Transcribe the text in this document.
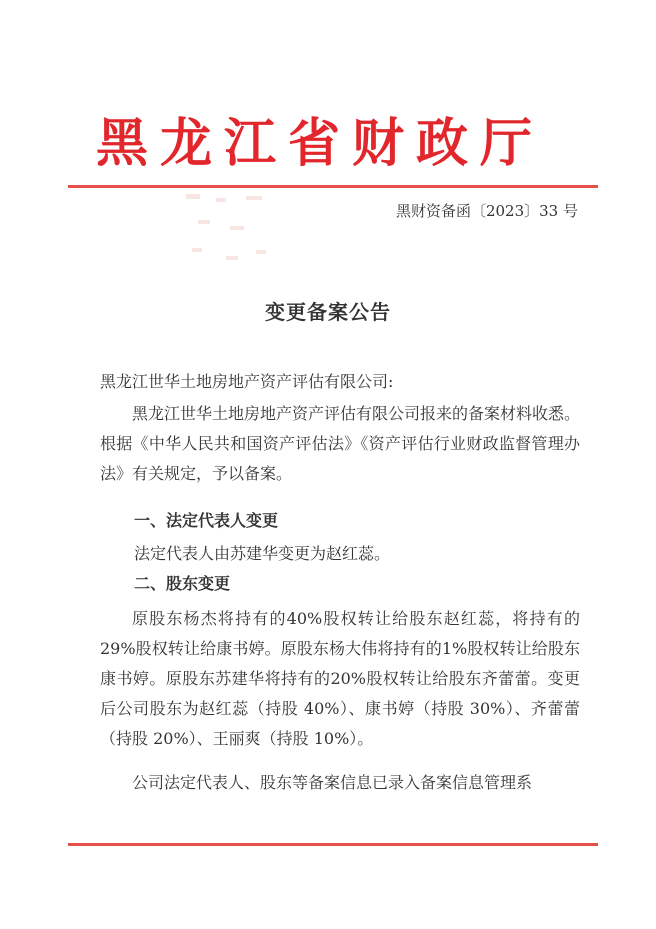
黑龙江省财政厅
黑财资备函〔2023〕33 号
变更备案公告
黑龙江世华土地房地产资产评估有限公司:
黑龙江世华土地房地产资产评估有限公司报来的备案材料收悉。根据《中华人民共和国资产评估法》《资产评估行业财政监督管理办法》有关规定，予以备案。
一、法定代表人变更
法定代表人由苏建华变更为赵红蕊。
二、股东变更
原股东杨杰将持有的40%股权转让给股东赵红蕊，将持有的29%股权转让给康书婷。原股东杨大伟将持有的1%股权转让给股东康书婷。原股东苏建华将持有的20%股权转让给股东齐蕾蕾。变更后公司股东为赵红蕊（持股 40%）、康书婷（持股 30%）、齐蕾蕾（持股 20%）、王丽爽（持股 10%）。
公司法定代表人、股东等备案信息已录入备案信息管理系
